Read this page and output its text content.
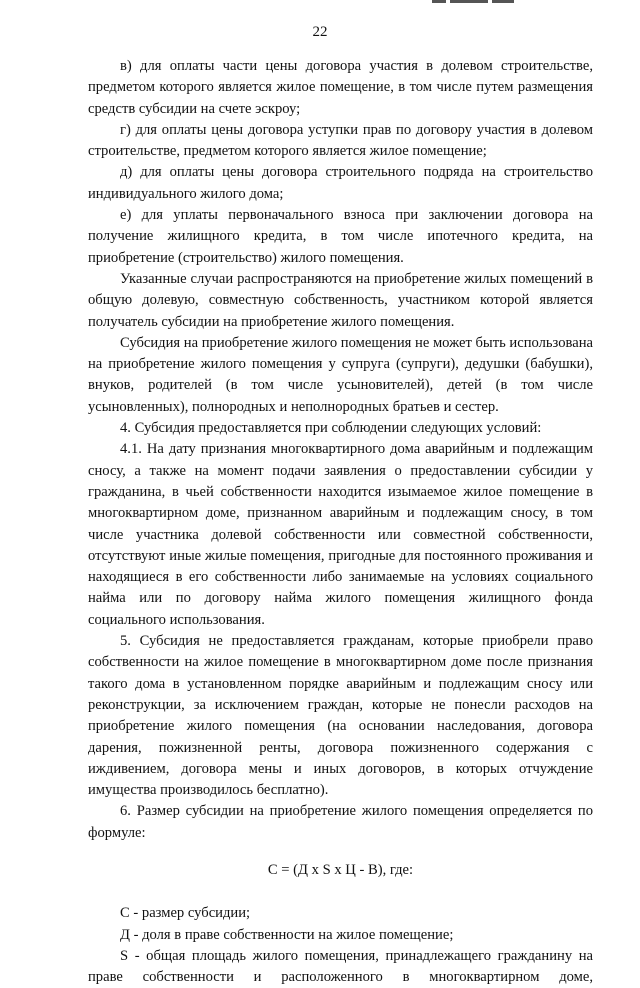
22

в) для оплаты части цены договора участия в долевом строительстве, предметом которого является жилое помещение, в том числе путем размещения средств субсидии на счете эскроу;

г) для оплаты цены договора уступки прав по договору участия в долевом строительстве, предметом которого является жилое помещение;

д) для оплаты цены договора строительного подряда на строительство индивидуального жилого дома;

е) для уплаты первоначального взноса при заключении договора на получение жилищного кредита, в том числе ипотечного кредита, на приобретение (строительство) жилого помещения.

Указанные случаи распространяются на приобретение жилых помещений в общую долевую, совместную собственность, участником которой является получатель субсидии на приобретение жилого помещения.

Субсидия на приобретение жилого помещения не может быть использована на приобретение жилого помещения у супруга (супруги), дедушки (бабушки), внуков, родителей (в том числе усыновителей), детей (в том числе усыновленных), полнородных и неполнородных братьев и сестер.

4. Субсидия предоставляется при соблюдении следующих условий:

4.1. На дату признания многоквартирного дома аварийным и подлежащим сносу, а также на момент подачи заявления о предоставлении субсидии у гражданина, в чьей собственности находится изымаемое жилое помещение в многоквартирном доме, признанном аварийным и подлежащим сносу, в том числе участника долевой собственности или совместной собственности, отсутствуют иные жилые помещения, пригодные для постоянного проживания и находящиеся в его собственности либо занимаемые на условиях социального найма или по договору найма жилого помещения жилищного фонда социального использования.

5. Субсидия не предоставляется гражданам, которые приобрели право собственности на жилое помещение в многоквартирном доме после признания такого дома в установленном порядке аварийным и подлежащим сносу или реконструкции, за исключением граждан, которые не понесли расходов на приобретение жилого помещения (на основании наследования, договора дарения, пожизненной ренты, договора пожизненного содержания с иждивением, договора мены и иных договоров, в которых отчуждение имущества производилось бесплатно).

6. Размер субсидии на приобретение жилого помещения определяется по формуле:

C = (Д x S x Ц - В), где:

C - размер субсидии;

Д - доля в праве собственности на жилое помещение;

S - общая площадь жилого помещения, принадлежащего гражданину на праве собственности и расположенного в многоквартирном доме,
